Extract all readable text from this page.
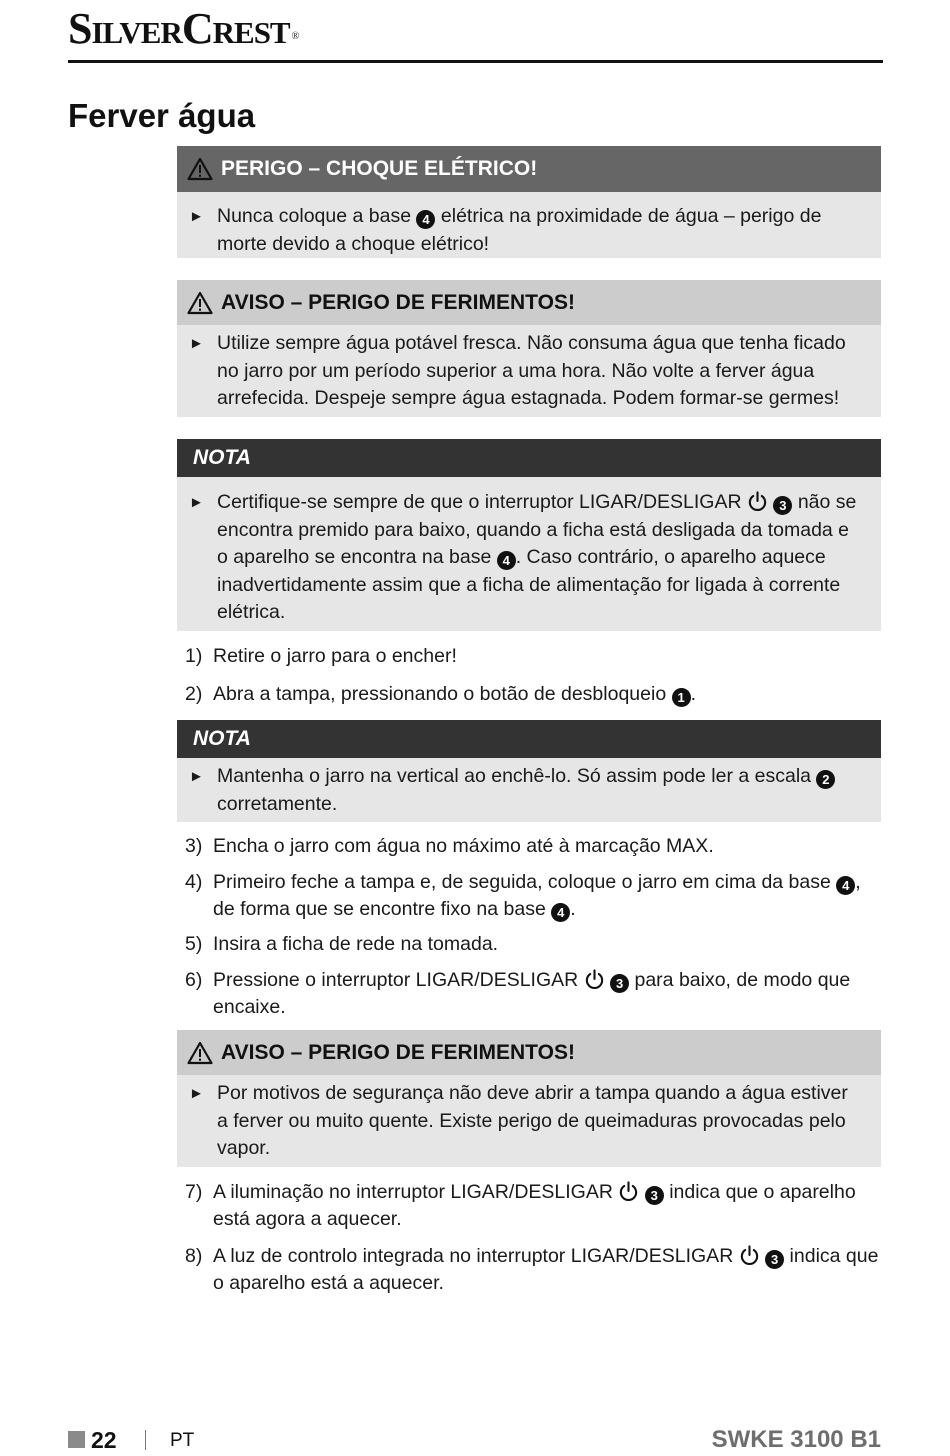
SILVERCREST ®
Ferver água
PERIGO – CHOQUE ELÉTRICO!
► Nunca coloque a base 4 elétrica na proximidade de água – perigo de morte devido a choque elétrico!
AVISO – PERIGO DE FERIMENTOS!
► Utilize sempre água potável fresca. Não consuma água que tenha ficado no jarro por um período superior a uma hora. Não volte a ferver água arrefecida. Despeje sempre água estagnada. Podem formar-se germes!
NOTA
► Certifique-se sempre de que o interruptor LIGAR/DESLIGAR  3 não se encontra premido para baixo, quando a ficha está desligada da tomada e o aparelho se encontra na base 4 . Caso contrário, o aparelho aquece inadvertidamente assim que a ficha de alimentação for ligada à corrente elétrica.
1) Retire o jarro para o encher!
2) Abra a tampa, pressionando o botão de desbloqueio 1 .
NOTA
► Mantenha o jarro na vertical ao enchê-lo. Só assim pode ler a escala 2 corretamente.
3) Encha o jarro com água no máximo até à marcação MAX.
4) Primeiro feche a tampa e, de seguida, coloque o jarro em cima da base 4 , de forma que se encontre fixo na base 4 .
5) Insira a ficha de rede na tomada.
6) Pressione o interruptor LIGAR/DESLIGAR  3 para baixo, de modo que encaixe.
AVISO – PERIGO DE FERIMENTOS!
► Por motivos de segurança não deve abrir a tampa quando a água estiver a ferver ou muito quente. Existe perigo de queimaduras provocadas pelo vapor.
7) A iluminação no interruptor LIGAR/DESLIGAR  3 indica que o aparelho está agora a aquecer.
8) A luz de controlo integrada no interruptor LIGAR/DESLIGAR  3 indica que o aparelho está a aquecer.
22	PT	SWKE 3100 B1
